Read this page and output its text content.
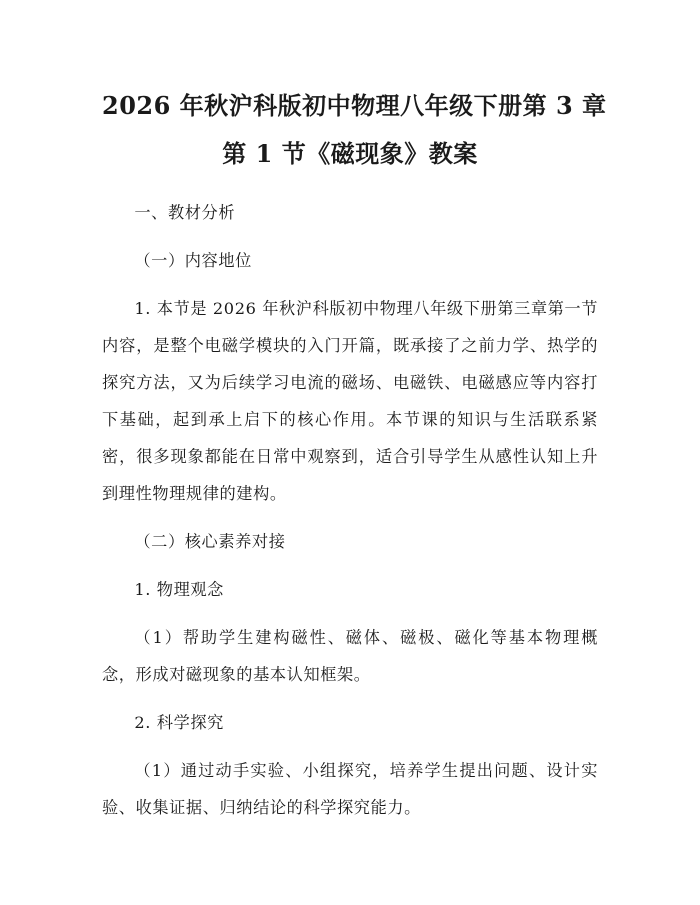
2026 年秋沪科版初中物理八年级下册第 3 章
第 1 节《磁现象》教案

一、教材分析

（一）内容地位

1. 本节是 2026 年秋沪科版初中物理八年级下册第三章第一节内容，是整个电磁学模块的入门开篇，既承接了之前力学、热学的探究方法，又为后续学习电流的磁场、电磁铁、电磁感应等内容打下基础，起到承上启下的核心作用。本节课的知识与生活联系紧密，很多现象都能在日常中观察到，适合引导学生从感性认知上升到理性物理规律的建构。

（二）核心素养对接

1. 物理观念

（1）帮助学生建构磁性、磁体、磁极、磁化等基本物理概念，形成对磁现象的基本认知框架。

2. 科学探究

（1）通过动手实验、小组探究，培养学生提出问题、设计实验、收集证据、归纳结论的科学探究能力。
